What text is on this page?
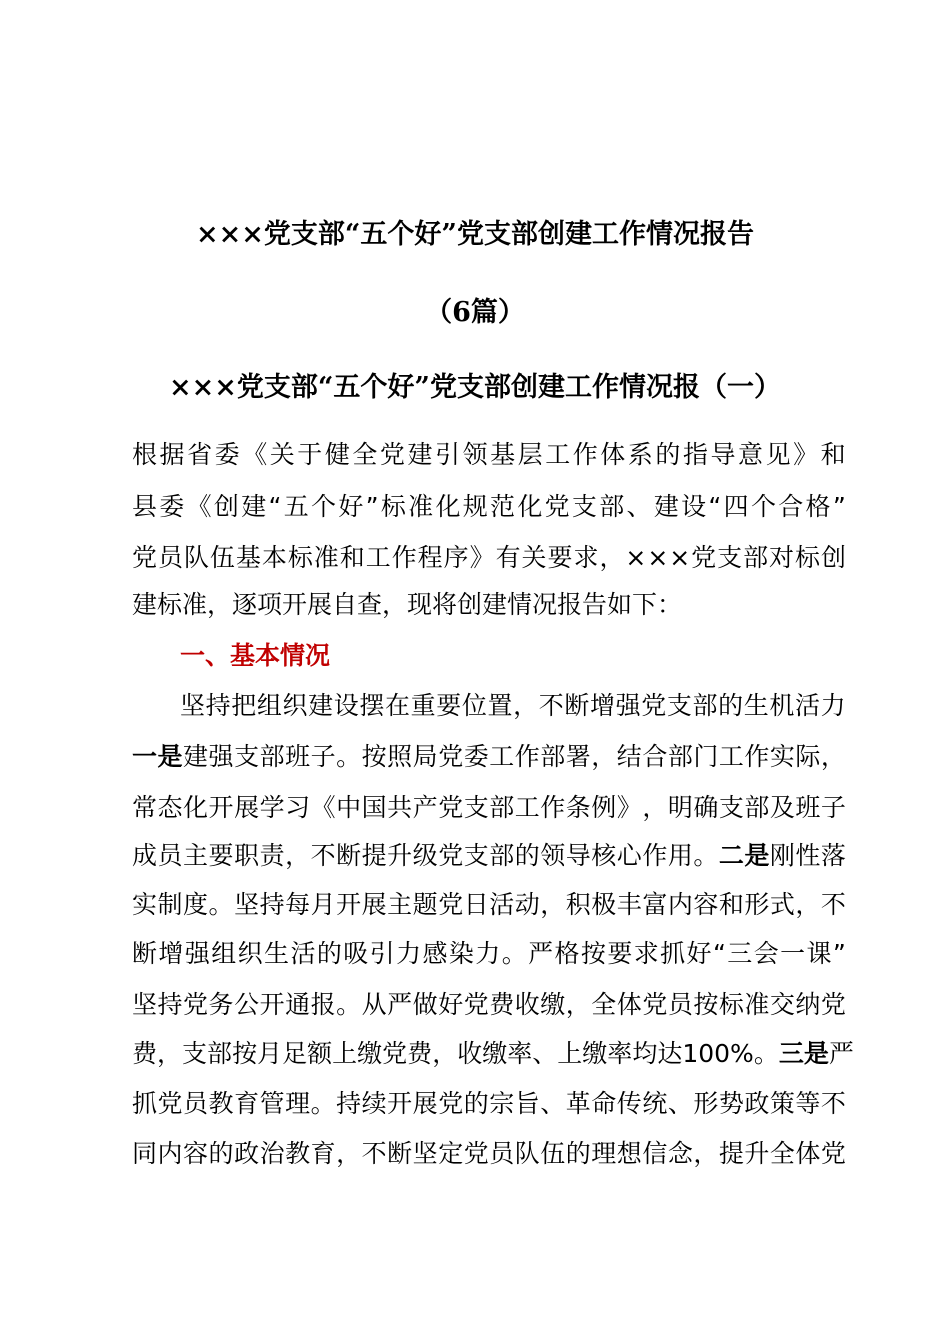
×××党支部“五个好”党支部创建工作情况报告
（6篇）
×××党支部“五个好”党支部创建工作情况报（一）
根 据 省 委 《 关 于 健 全 党 建 引 领 基 层 工 作 体 系 的 指 导 意 见 》 和
县 委 《 创 建 “ 五 个 好 ” 标 准 化 规 范 化 党 支 部 、 建 设 “ 四 个 合 格 ”
党 员 队 伍 基 本 标 准 和 工 作 程 序 》 有 关 要 求 ， × × × 党 支 部 对 标 创
建标准，逐项开展自查，现将创建情况报告如下：
一、基本情况
坚 持 把 组 织 建 设 摆 在 重 要 位 置 ， 不 断 增 强 党 支 部 的 生 机 活 力
一 是 建 强 支 部 班 子 。 按 照 局 党 委 工 作 部 署 ， 结 合 部 门 工 作 实 际 ，
常 态 化 开 展 学 习 《 中 国 共 产 党 支 部 工 作 条 例 》 ， 明 确 支 部 及 班 子
成 员 主 要 职 责 ， 不 断 提 升 级 党 支 部 的 领 导 核 心 作 用 。 二 是 刚 性 落
实 制 度 。 坚 持 每 月 开 展 主 题 党 日 活 动 ， 积 极 丰 富 内 容 和 形 式 ， 不
断 增 强 组 织 生 活 的 吸 引 力 感 染 力 。 严 格 按 要 求 抓 好 “ 三 会 一 课 ”
坚 持 党 务 公 开 通 报 。 从 严 做 好 党 费 收 缴 ， 全 体 党 员 按 标 准 交 纳 党
费 ， 支 部 按 月 足 额 上 缴 党 费 ， 收 缴 率 、 上 缴 率 均 达 100% 。 三 是 严
抓 党 员 教 育 管 理 。 持 续 开 展 党 的 宗 旨 、 革 命 传 统 、 形 势 政 策 等 不
同 内 容 的 政 治 教 育 ， 不 断 坚 定 党 员 队 伍 的 理 想 信 念 ， 提 升 全 体 党
